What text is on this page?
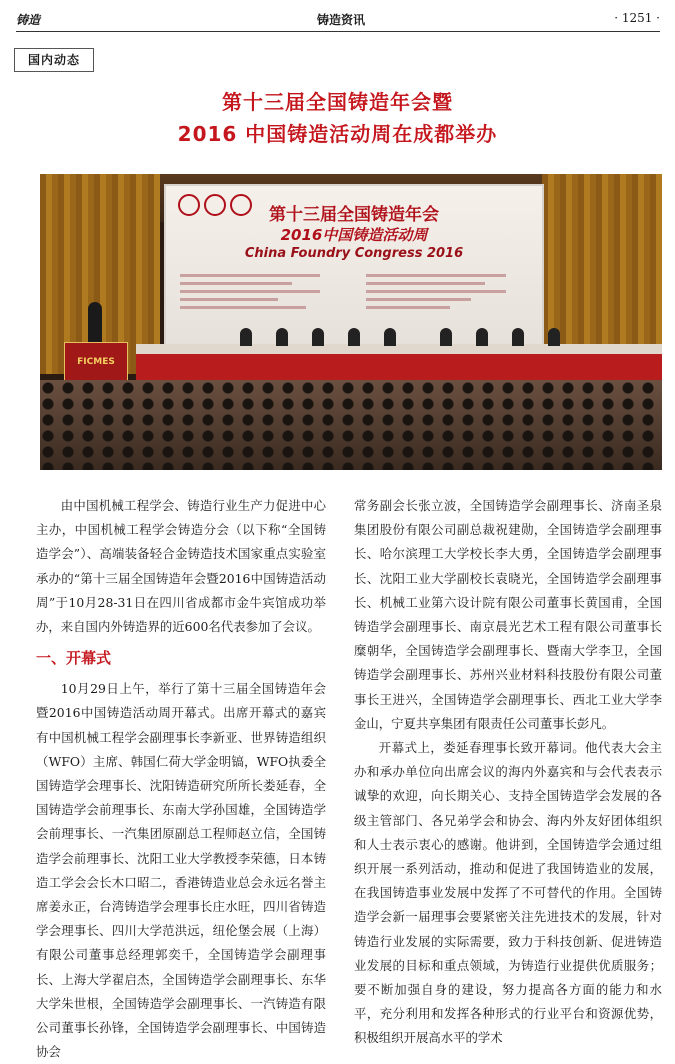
铸造	铸造资讯	· 1251 ·
国内动态
第十三届全国铸造年会暨
2016 中国铸造活动周在成都举办
第十三届全国铸造年会
2016中国铸造活动周
China Foundry Congress 2016
FICMES

由中国机械工程学会、铸造行业生产力促进中心主办，中国机械工程学会铸造分会（以下称“全国铸造学会”）、高端装备轻合金铸造技术国家重点实验室承办的“第十三届全国铸造年会暨2016中国铸造活动周”于10月28-31日在四川省成都市金牛宾馆成功举办，来自国内外铸造界的近600名代表参加了会议。

一、开幕式

10月29日上午，举行了第十三届全国铸造年会暨2016中国铸造活动周开幕式。出席开幕式的嘉宾有中国机械工程学会副理事长李新亚、世界铸造组织（WFO）主席、韩国仁荷大学金明镐，WFO执委全国铸造学会理事长、沈阳铸造研究所所长娄延春，全国铸造学会前理事长、东南大学孙国雄，全国铸造学会前理事长、一汽集团原副总工程师赵立信，全国铸造学会前理事长、沈阳工业大学教授李荣德，日本铸造工学会会长木口昭二，香港铸造业总会永远名誉主席姜永正，台湾铸造学会理事长庄水旺，四川省铸造学会理事长、四川大学范洪远，纽伦堡会展（上海）有限公司董事总经理郭奕千，全国铸造学会副理事长、上海大学翟启杰，全国铸造学会副理事长、东华大学朱世根，全国铸造学会副理事长、一汽铸造有限公司董事长孙锋，全国铸造学会副理事长、中国铸造协会

常务副会长张立波，全国铸造学会副理事长、济南圣泉集团股份有限公司副总裁祝建勋，全国铸造学会副理事长、哈尔滨理工大学校长李大勇，全国铸造学会副理事长、沈阳工业大学副校长袁晓光，全国铸造学会副理事长、机械工业第六设计院有限公司董事长黄国甫，全国铸造学会副理事长、南京晨光艺术工程有限公司董事长糜朝华，全国铸造学会副理事长、暨南大学李卫，全国铸造学会副理事长、苏州兴业材料科技股份有限公司董事长王进兴，全国铸造学会副理事长、西北工业大学李金山，宁夏共享集团有限责任公司董事长彭凡。

开幕式上，娄延春理事长致开幕词。他代表大会主办和承办单位向出席会议的海内外嘉宾和与会代表表示诚挚的欢迎，向长期关心、支持全国铸造学会发展的各级主管部门、各兄弟学会和协会、海内外友好团体组织和人士表示衷心的感谢。他讲到，全国铸造学会通过组织开展一系列活动，推动和促进了我国铸造业的发展，在我国铸造事业发展中发挥了不可替代的作用。全国铸造学会新一届理事会要紧密关注先进技术的发展，针对铸造行业发展的实际需要，致力于科技创新、促进铸造业发展的目标和重点领域，为铸造行业提供优质服务；要不断加强自身的建设，努力提高各方面的能力和水平，充分利用和发挥各种形式的行业平台和资源优势，积极组织开展高水平的学术
